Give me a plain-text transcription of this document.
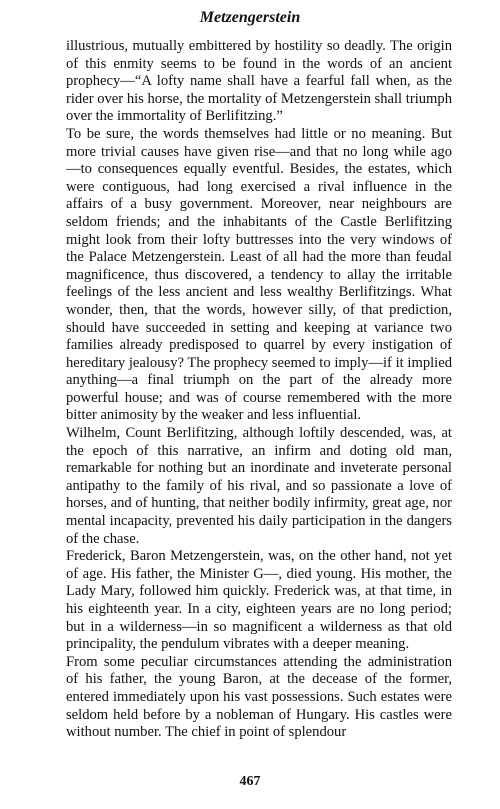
Metzengerstein

illustrious, mutually embittered by hostility so deadly. The origin of this enmity seems to be found in the words of an ancient prophecy—“A lofty name shall have a fearful fall when, as the rider over his horse, the mortality of Metzengerstein shall triumph over the immortality of Berlifitzing.”

To be sure, the words themselves had little or no meaning. But more trivial causes have given rise—and that no long while ago—to consequences equally eventful. Besides, the estates, which were contiguous, had long exercised a rival influence in the affairs of a busy government. Moreover, near neighbours are seldom friends; and the inhabitants of the Castle Berlifitzing might look from their lofty buttresses into the very windows of the Palace Metzengerstein. Least of all had the more than feudal magnificence, thus discovered, a tendency to allay the irritable feelings of the less ancient and less wealthy Berlifitzings. What wonder, then, that the words, however silly, of that prediction, should have succeeded in setting and keeping at variance two families already predisposed to quarrel by every instigation of hereditary jealousy? The prophecy seemed to imply—if it implied anything—a final triumph on the part of the already more powerful house; and was of course remembered with the more bitter animosity by the weaker and less influential.

Wilhelm, Count Berlifitzing, although loftily descended, was, at the epoch of this narrative, an infirm and doting old man, remarkable for nothing but an inordinate and inveterate personal antipathy to the family of his rival, and so passionate a love of horses, and of hunting, that neither bodily infirmity, great age, nor mental incapacity, prevented his daily participation in the dangers of the chase.

Frederick, Baron Metzengerstein, was, on the other hand, not yet of age. His father, the Minister G—, died young. His mother, the Lady Mary, followed him quickly. Frederick was, at that time, in his eighteenth year. In a city, eighteen years are no long period; but in a wilderness—in so magnificent a wilderness as that old principality, the pendulum vibrates with a deeper meaning.

From some peculiar circumstances attending the administration of his father, the young Baron, at the decease of the former, entered immediately upon his vast possessions. Such estates were seldom held before by a nobleman of Hungary. His castles were without number. The chief in point of splendour

467
